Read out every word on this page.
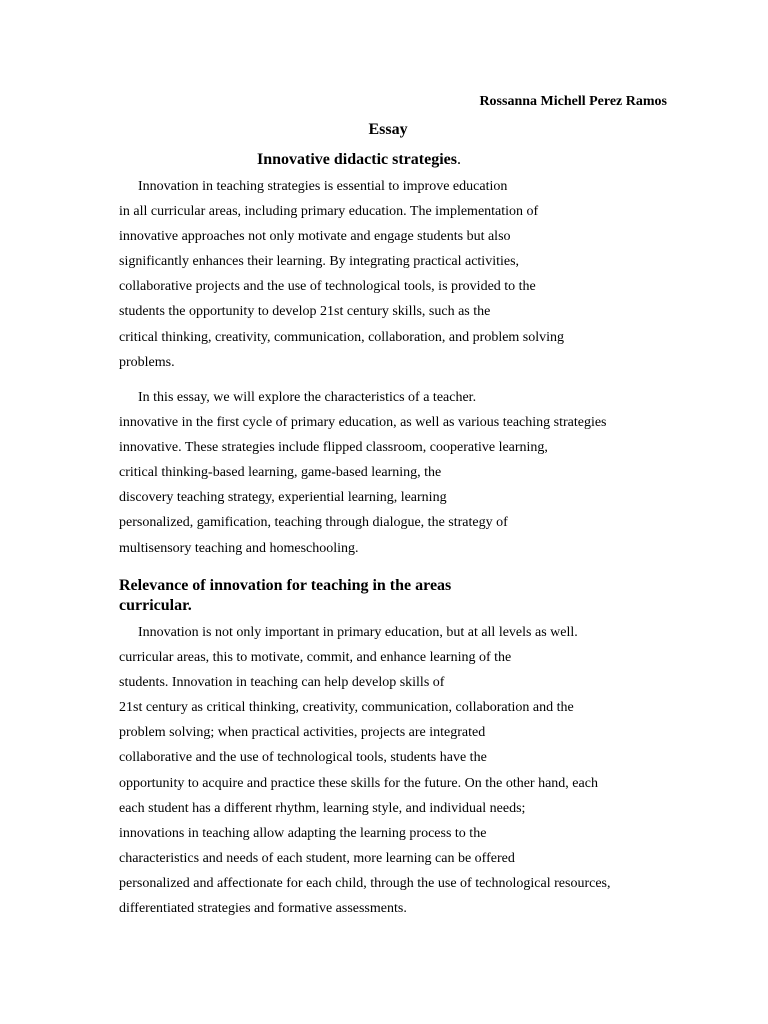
Rossanna Michell Perez Ramos
Essay
Innovative didactic strategies.
Innovation in teaching strategies is essential to improve education
in all curricular areas, including primary education. The implementation of
innovative approaches not only motivate and engage students but also
significantly enhances their learning. By integrating practical activities,
collaborative projects and the use of technological tools, is provided to the
students the opportunity to develop 21st century skills, such as the
critical thinking, creativity, communication, collaboration, and problem solving
problems.
In this essay, we will explore the characteristics of a teacher.
innovative in the first cycle of primary education, as well as various teaching strategies
innovative. These strategies include flipped classroom, cooperative learning,
critical thinking-based learning, game-based learning, the
discovery teaching strategy, experiential learning, learning
personalized, gamification, teaching through dialogue, the strategy of
multisensory teaching and homeschooling.
Relevance of innovation for teaching in the areas
curricular.
Innovation is not only important in primary education, but at all levels as well.
curricular areas, this to motivate, commit, and enhance learning of the
students. Innovation in teaching can help develop skills of
21st century as critical thinking, creativity, communication, collaboration and the
problem solving; when practical activities, projects are integrated
collaborative and the use of technological tools, students have the
opportunity to acquire and practice these skills for the future. On the other hand, each
each student has a different rhythm, learning style, and individual needs;
innovations in teaching allow adapting the learning process to the
characteristics and needs of each student, more learning can be offered
personalized and affectionate for each child, through the use of technological resources,
differentiated strategies and formative assessments.
